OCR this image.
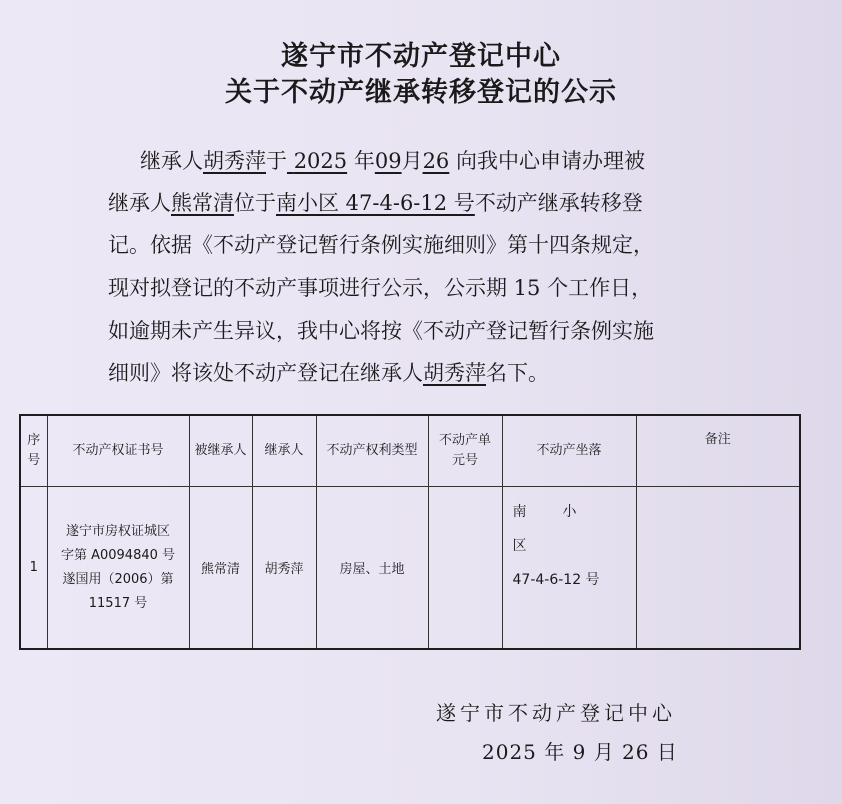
遂宁市不动产登记中心
关于不动产继承转移登记的公示
继承人胡秀萍于 2025 年09月26 向我中心申请办理被
继承人熊常清位于南小区 47-4-6-12 号不动产继承转移登
记。依据《不动产登记暂行条例实施细则》第十四条规定，
现对拟登记的不动产事项进行公示，公示期 15 个工作日，
如逾期未产生异议，我中心将按《不动产登记暂行条例实施
细则》将该处不动产登记在继承人胡秀萍名下。
序
号	不动产权证书号	被继承人	继承人	不动产权利类型	不动产单
元号	不动产坐落	备注
1	遂宁市房权证城区
字第 A0094840 号
遂国用（2006）第
11517 号	熊常清	胡秀萍	房屋、土地		南小区
47-4-6-12 号	

遂宁市不动产登记中心
2025 年 9 月 26 日
